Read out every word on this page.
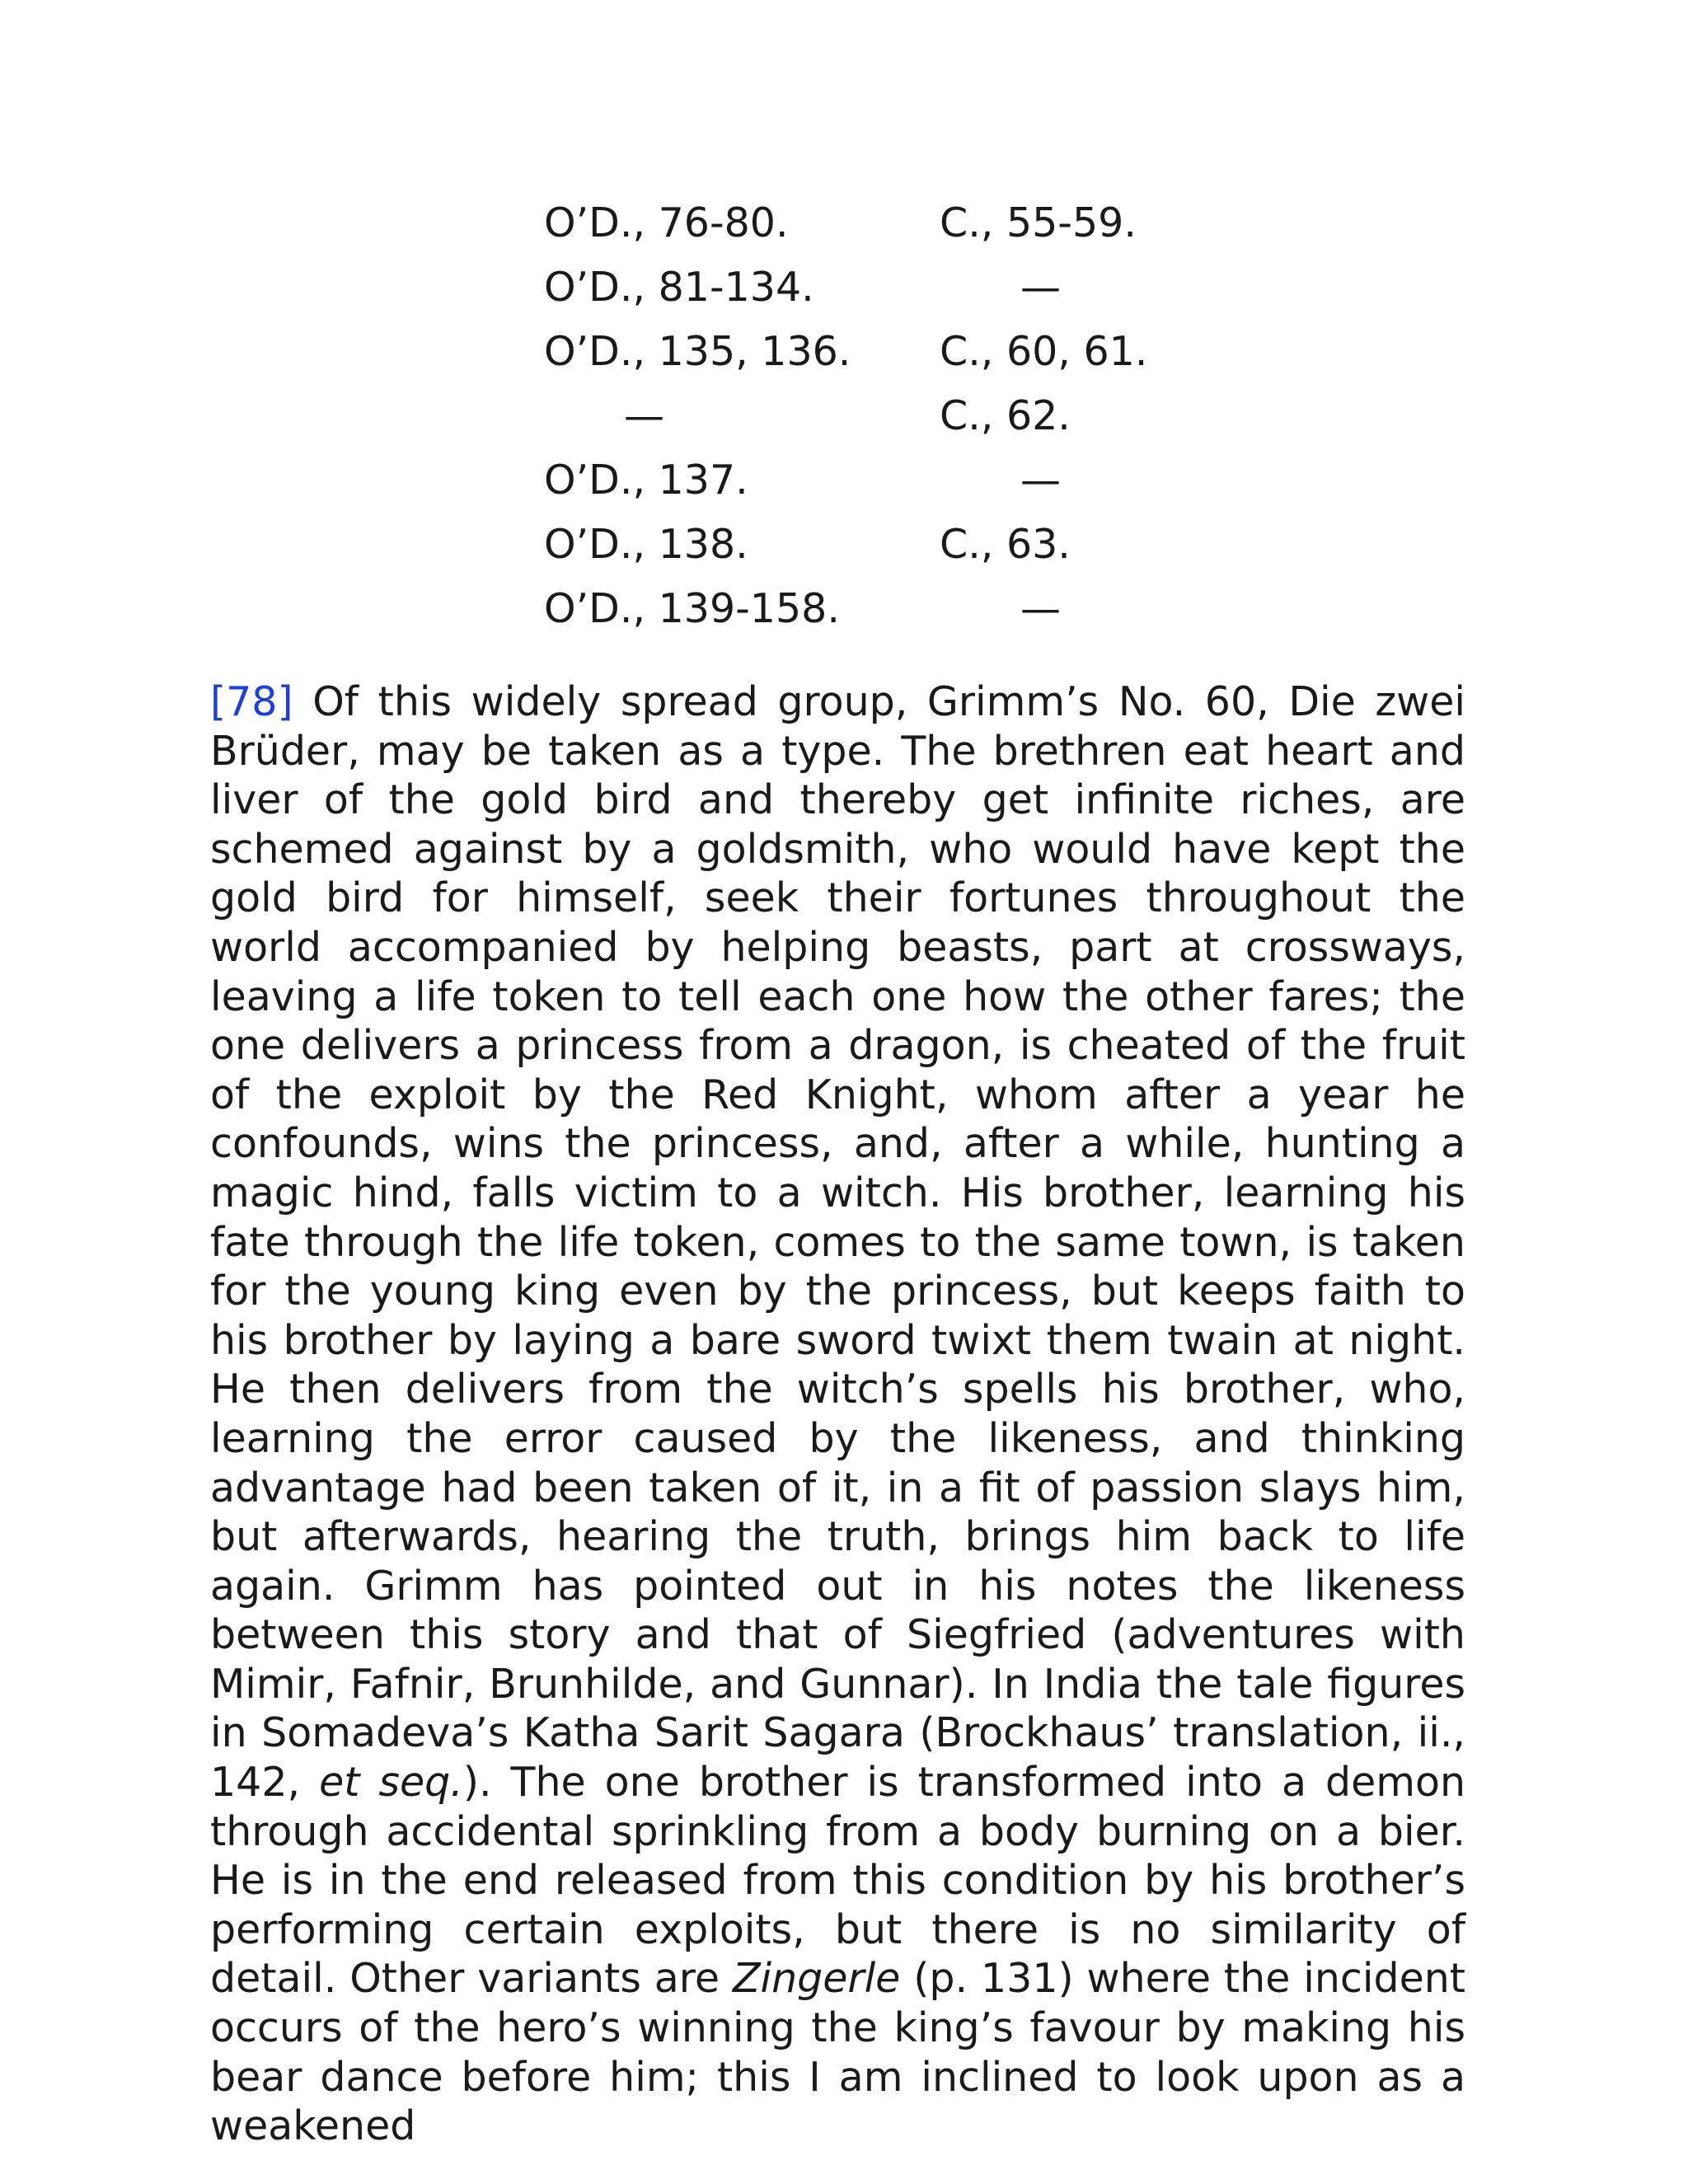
O’D., 76-80.	C., 55-59.
O’D., 81-134.	—
O’D., 135, 136. C., 60, 61.
—	C., 62.
O’D., 137.	—
O’D., 138.	C., 63.
O’D., 139-158.	—

[78] Of this widely spread group, Grimm’s No. 60, Die zwei Brüder, may be taken as a type. The brethren eat heart and liver of the gold bird and thereby get infinite riches, are schemed against by a goldsmith, who would have kept the gold bird for himself, seek their fortunes throughout the world accompanied by helping beasts, part at crossways, leaving a life token to tell each one how the other fares; the one delivers a princess from a dragon, is cheated of the fruit of the exploit by the Red Knight, whom after a year he confounds, wins the princess, and, after a while, hunting a magic hind, falls victim to a witch. His brother, learning his fate through the life token, comes to the same town, is taken for the young king even by the princess, but keeps faith to his brother by laying a bare sword twixt them twain at night. He then delivers from the witch’s spells his brother, who, learning the error caused by the likeness, and thinking advantage had been taken of it, in a fit of passion slays him, but afterwards, hearing the truth, brings him back to life again. Grimm has pointed out in his notes the likeness between this story and that of Siegfried (adventures with Mimir, Fafnir, Brunhilde, and Gunnar). In India the tale figures in Somadeva’s Katha Sarit Sagara (Brockhaus’ translation, ii., 142, et seq.). The one brother is transformed into a demon through accidental sprinkling from a body burning on a bier. He is in the end released from this condition by his brother’s performing certain exploits, but there is no similarity of detail. Other variants are Zingerle (p. 131) where the incident occurs of the hero’s winning the king’s favour by making his bear dance before him; this I am inclined to look upon as a weakened
